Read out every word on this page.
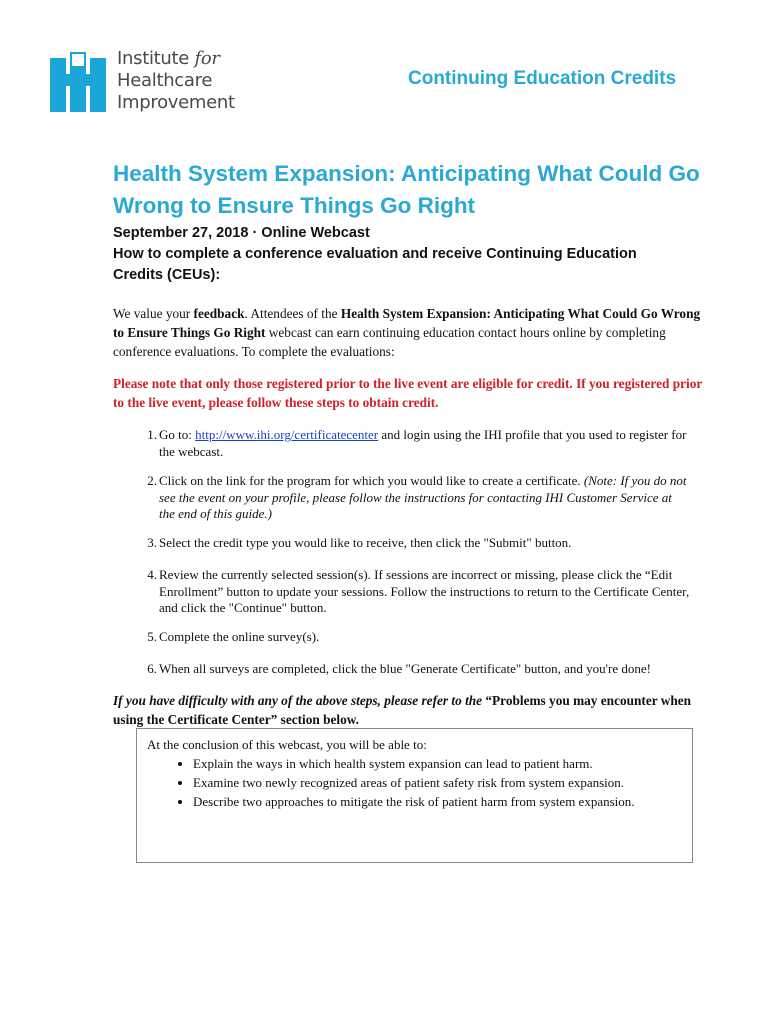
Institute for
Healthcare
Improvement
Continuing Education Credits
Health System Expansion: Anticipating What Could Go Wrong to Ensure Things Go Right
September 27, 2018 · Online Webcast
How to complete a conference evaluation and receive Continuing Education Credits (CEUs):
We value your feedback. Attendees of the Health System Expansion: Anticipating What Could Go Wrong to Ensure Things Go Right webcast can earn continuing education contact hours online by completing conference evaluations. To complete the evaluations:
Please note that only those registered prior to the live event are eligible for credit. If you registered prior to the live event, please follow these steps to obtain credit.
1. Go to: http://www.ihi.org/certificatecenter and login using the IHI profile that you used to register for the webcast.
2. Click on the link for the program for which you would like to create a certificate. (Note: If you do not see the event on your profile, please follow the instructions for contacting IHI Customer Service at the end of this guide.)
3. Select the credit type you would like to receive, then click the "Submit" button.
4. Review the currently selected session(s). If sessions are incorrect or missing, please click the “Edit Enrollment” button to update your sessions. Follow the instructions to return to the Certificate Center, and click the "Continue" button.
5. Complete the online survey(s).
6. When all surveys are completed, click the blue "Generate Certificate" button, and you're done!
If you have difficulty with any of the above steps, please refer to the “Problems you may encounter when using the Certificate Center” section below.
At the conclusion of this webcast, you will be able to:
• Explain the ways in which health system expansion can lead to patient harm.
• Examine two newly recognized areas of patient safety risk from system expansion.
• Describe two approaches to mitigate the risk of patient harm from system expansion.
